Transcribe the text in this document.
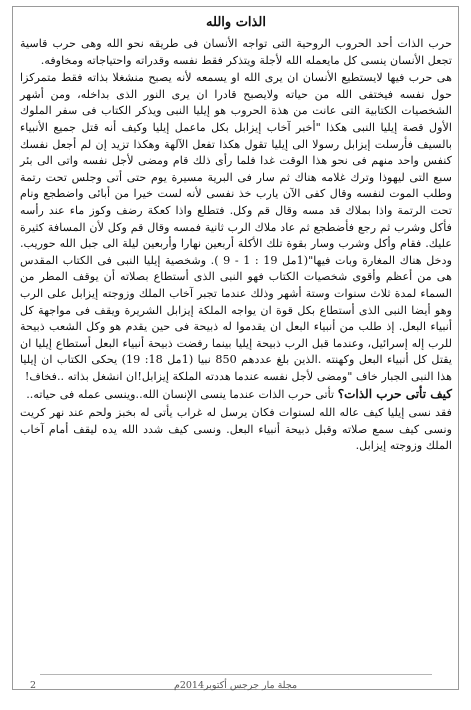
الذات والله

حرب الذات أحد الحروب الروحية التى تواجه الأنسان فى طريقه نحو الله وهى حرب قاسية تجعل الأنسان ينسى كل مايعمله الله لأجلة ويتذكر فقط نفسه وقدراته واحتياجاته ومخاوفه.

هى حرب فيها لايستطيع الأنسان ان يرى الله او يسمعه لأنه يصبح منشغلا بذاته فقط متمركزا حول نفسه فيختفى الله من حياته ولايصبح قادرا ان يرى النور الذى بداخله، ومن أشهر الشخصيات الكتابية التى عانت من هذة الحروب هو إيليا النبى ويذكر الكتاب فى سفر الملوك الأول قصة إيليا النبى هكذا "أخبر آخاب إيزابل بكل ماعمل إيليا وكيف أنه قتل جميع الأنبياء بالسيف فأرسلت إيزابل رسولا الى إيليا تقول هكذا تفعل الآلهة وهكذا تزيد إن لم أجعل نفسك كنفس واحد منهم فى نحو هذا الوقت غدا فلما رأى ذلك قام ومضى لأجل نفسه واتى الى بئر سبع التى ليهوذا وترك غلامه هناك ثم سار فى البرية مسيرة يوم حتى أتى وجلس تحت رتمة وطلب الموت لنفسه وقال كفى الآن يارب خذ نفسى لأنه لست خيرا من أبائى واضطجع ونام تحت الرتمة واذا بملاك قد مسه وقال قم وكل. فتطلع واذا كعكة رضف وكوز ماء عند رأسه فأكل وشرب ثم رجع فأضطجع ثم عاد ملاك الرب ثانية فمسه وقال قم وكل لأن المسافة كثيرة عليك. فقام وأكل وشرب وسار بقوة تلك الأكلة أربعين نهارا وأربعين ليلة الى جبل الله حوريب. ودخل هناك المغارة وبات فيها"(1مل 19 : 1 - 9 ). وشخصية إيليا النبى فى الكتاب المقدس هى من أعظم وأقوى شخصيات الكتاب فهو النبى الذى أستطاع بصلاته أن يوقف المطر من السماء لمدة ثلاث سنوات وستة أشهر وذلك عندما تجبر آخاب الملك وزوجته إيزابل على الرب وهو أيضا النبى الذى أستطاع بكل قوة ان يواجه الملكة إيزابل الشريرة ويقف فى مواجهة كل أنبياء البعل. إذ طلب من أنبياء البعل ان يقدموا له ذبيحة فى حين يقدم هو وكل الشعب ذبيحة للرب إله إسرائيل، وعندما قبل الرب ذبيحة إيليا بينما رفضت ذبيحة أنبياء البعل أستطاع إيليا ان يقتل كل أنبياء البعل وكهنته .الذين بلغ عددهم 850 نبيا (1مل 18: 19) يحكى الكتاب ان إيليا هذا النبى الجبار خاف "ومضى لأجل نفسه عندما هددته الملكة إيزابل!ان انشغل بذاته ..فخاف!

كيف تأتى حرب الذات؟ تأتى حرب الذات عندما ينسى الإنسان الله..وينسى عمله فى حياته..

فقد نسى إيليا كيف عاله الله لسنوات فكان يرسل له غراب يأتى له بخبز ولحم عند نهر كريت ونسى كيف سمع صلاته وقبل ذبيحة أنبياء البعل. ونسى كيف شدد الله يده ليقف أمام آخاب الملك وزوجته إيزابل.

2	مجلة مار جرجس أكتوبر2014م
